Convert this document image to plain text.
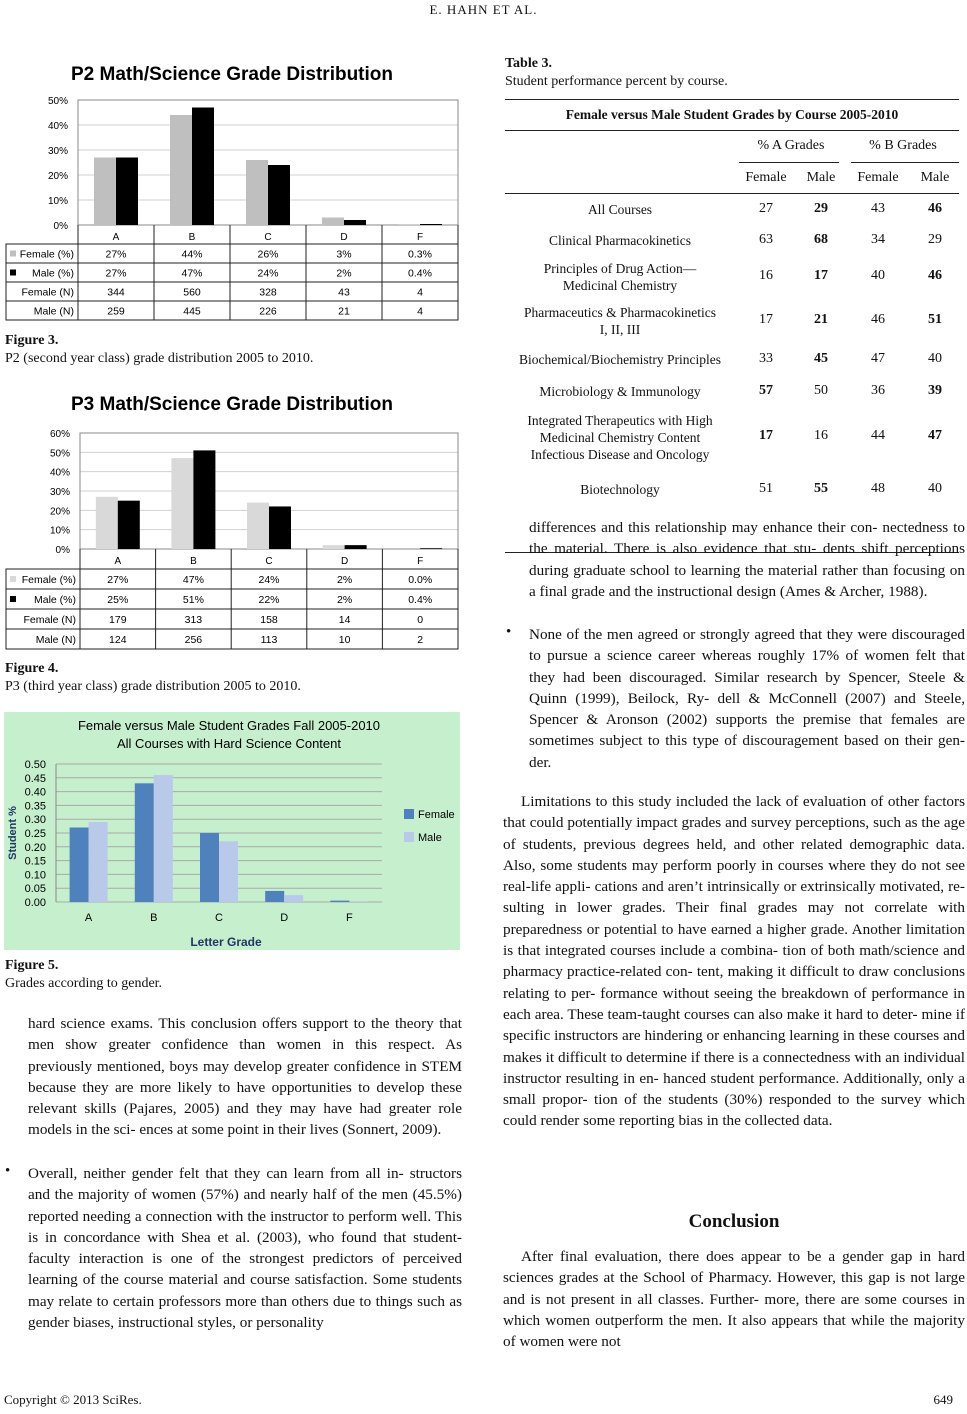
E. HAHN ET AL.
P2 Math/Science Grade Distribution
50%
40%
30%
20%
10%
0%
A	B	C	D	F
Female (%)	27%	44%	26%	3%	0.3%
Male (%)	27%	47%	24%	2%	0.4%
Female (N)	344	560	328	43	4
Male (N)	259	445	226	21	4
Figure 3.
P2 (second year class) grade distribution 2005 to 2010.
P3 Math/Science Grade Distribution
60%
50%
40%
30%
20%
10%
0%
A	B	C	D	F
Female (%)	27%	47%	24%	2%	0.0%
Male (%)	25%	51%	22%	2%	0.4%
Female (N)	179	313	158	14	0
Male (N)	124	256	113	10	2
Figure 4.
P3 (third year class) grade distribution 2005 to 2010.
Female versus Male Student Grades Fall 2005-2010
All Courses with Hard Science Content
0.50
0.45
0.40
0.35
0.30
0.25
0.20
0.15
0.10
0.05
0.00
A	B	C	D	F
Letter Grade
Student %	Female
Male
Figure 5.
Grades according to gender.
hard science exams. This conclusion offers support to the theory that men show greater confidence than women in this respect. As previously mentioned, boys may develop greater confidence in STEM because they are more likely to have opportunities to develop these relevant skills (Pajares, 2005) and they may have had greater role models in the sci- ences at some point in their lives (Sonnert, 2009).
• Overall, neither gender felt that they can learn from all in- structors and the majority of women (57%) and nearly half of the men (45.5%) reported needing a connection with the instructor to perform well. This is in concordance with Shea et al. (2003), who found that student-faculty interaction is one of the strongest predictors of perceived learning of the course material and course satisfaction. Some students may relate to certain professors more than others due to things such as gender biases, instructional styles, or personality
Table 3.
Student performance percent by course.
Female versus Male Student Grades by Course 2005-2010
% A Grades	% B Grades
Female	Male	Female	Male
All Courses	27	29	43	46
Clinical Pharmacokinetics	63	68	34	29
Principles of Drug Action—
Medicinal Chemistry
16	17	40	46
Pharmaceutics & Pharmacokinetics
I, II, III
17	21	46	51
Biochemical/Biochemistry Principles	33	45	47	40
Microbiology & Immunology	57	50	36	39
Integrated Therapeutics with High
Medicinal Chemistry Content
Infectious Disease and Oncology
17	16	44	47
Biotechnology	51	55	48	40
differences and this relationship may enhance their con- nectedness to the material. There is also evidence that stu- dents shift perceptions during graduate school to learning the material rather than focusing on a final grade and the instructional design (Ames & Archer, 1988).
• None of the men agreed or strongly agreed that they were discouraged to pursue a science career whereas roughly 17% of women felt that they had been discouraged. Similar research by Spencer, Steele & Quinn (1999), Beilock, Ry- dell & McConnell (2007) and Steele, Spencer & Aronson (2002) supports the premise that females are sometimes subject to this type of discouragement based on their gen- der.
Limitations to this study included the lack of evaluation of other factors that could potentially impact grades and survey perceptions, such as the age of students, previous degrees held, and other related demographic data. Also, some students may perform poorly in courses where they do not see real-life appli- cations and aren’t intrinsically or extrinsically motivated, re- sulting in lower grades. Their final grades may not correlate with preparedness or potential to have earned a higher grade. Another limitation is that integrated courses include a combina- tion of both math/science and pharmacy practice-related con- tent, making it difficult to draw conclusions relating to per- formance without seeing the breakdown of performance in each area. These team-taught courses can also make it hard to deter- mine if specific instructors are hindering or enhancing learning in these courses and makes it difficult to determine if there is a connectedness with an individual instructor resulting in en- hanced student performance. Additionally, only a small propor- tion of the students (30%) responded to the survey which could render some reporting bias in the collected data.
Conclusion
After final evaluation, there does appear to be a gender gap in hard sciences grades at the School of Pharmacy. However, this gap is not large and is not present in all classes. Further- more, there are some courses in which women outperform the men. It also appears that while the majority of women were not
Copyright © 2013 SciRes.	649
